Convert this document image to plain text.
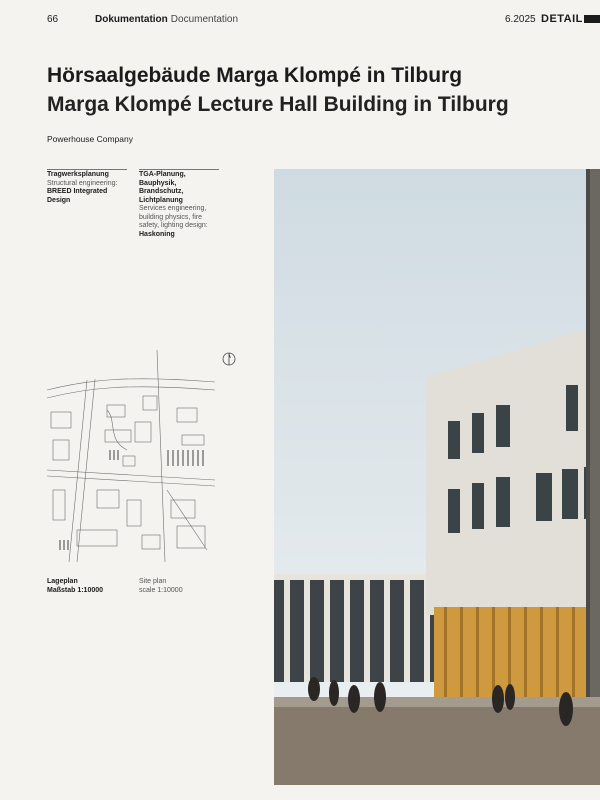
66	Dokumentation Documentation	6.2025 DETAIL
Hörsaalgebäude Marga Klompé in Tilburg
Marga Klompé Lecture Hall Building in Tilburg
Powerhouse Company
Tragwerksplanung
Structural engineering:
BREED Integrated Design
TGA-Planung, Bauphysik, Brandschutz, Lichtplanung
Services engineering, building physics, fire safety, lighting design:
Haskoning
Lageplan
Maßstab 1:10000
Site plan
scale 1:10000
